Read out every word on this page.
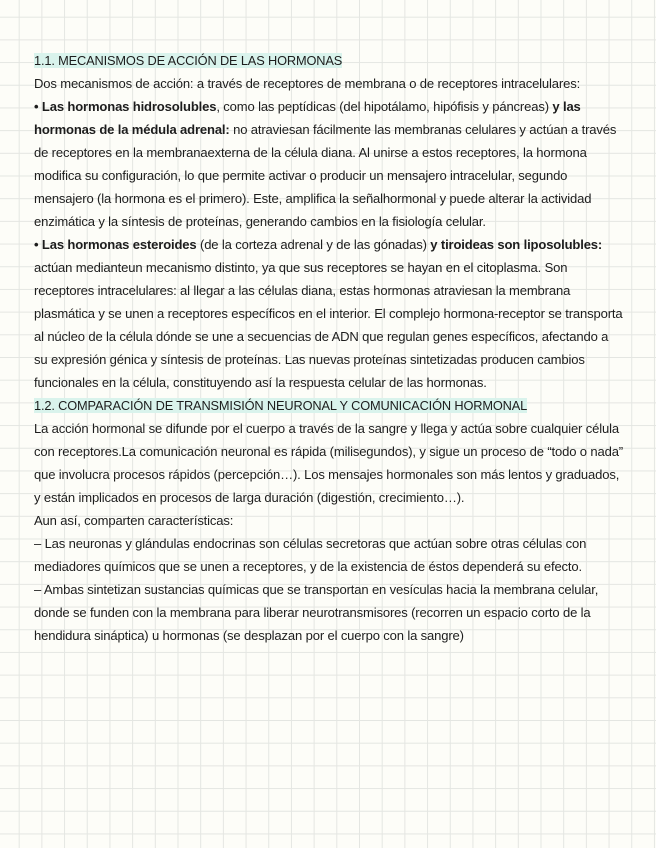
1.1. MECANISMOS DE ACCIÓN DE LAS HORMONAS
Dos mecanismos de acción: a través de receptores de membrana o de receptores intracelulares:
• Las hormonas hidrosolubles, como las peptídicas (del hipotálamo, hipófisis y páncreas) y las hormonas de la médula adrenal: no atraviesan fácilmente las membranas celulares y actúan a través de receptores en la membranaexterna de la célula diana. Al unirse a estos receptores, la hormona modifica su configuración, lo que permite activar o producir un mensajero intracelular, segundo mensajero (la hormona es el primero). Este, amplifica la señalhormonal y puede alterar la actividad enzimática y la síntesis de proteínas, generando cambios en la fisiología celular.
• Las hormonas esteroides (de la corteza adrenal y de las gónadas) y tiroideas son liposolubles: actúan medianteun mecanismo distinto, ya que sus receptores se hayan en el citoplasma. Son receptores intracelulares: al llegar a las células diana, estas hormonas atraviesan la membrana plasmática y se unen a receptores específicos en el interior. El complejo hormona-receptor se transporta al núcleo de la célula dónde se une a secuencias de ADN que regulan genes específicos, afectando a su expresión génica y síntesis de proteínas. Las nuevas proteínas sintetizadas producen cambios funcionales en la célula, constituyendo así la respuesta celular de las hormonas.
1.2. COMPARACIÓN DE TRANSMISIÓN NEURONAL Y COMUNICACIÓN HORMONAL
La acción hormonal se difunde por el cuerpo a través de la sangre y llega y actúa sobre cualquier célula con receptores.La comunicación neuronal es rápida (milisegundos), y sigue un proceso de “todo o nada” que involucra procesos rápidos (percepción…). Los mensajes hormonales son más lentos y graduados, y están implicados en procesos de larga duración (digestión, crecimiento…).
Aun así, comparten características:
– Las neuronas y glándulas endocrinas son células secretoras que actúan sobre otras células con mediadores químicos que se unen a receptores, y de la existencia de éstos dependerá su efecto.
– Ambas sintetizan sustancias químicas que se transportan en vesículas hacia la membrana celular, donde se funden con la membrana para liberar neurotransmisores (recorren un espacio corto de la hendidura sináptica) u hormonas (se desplazan por el cuerpo con la sangre)
